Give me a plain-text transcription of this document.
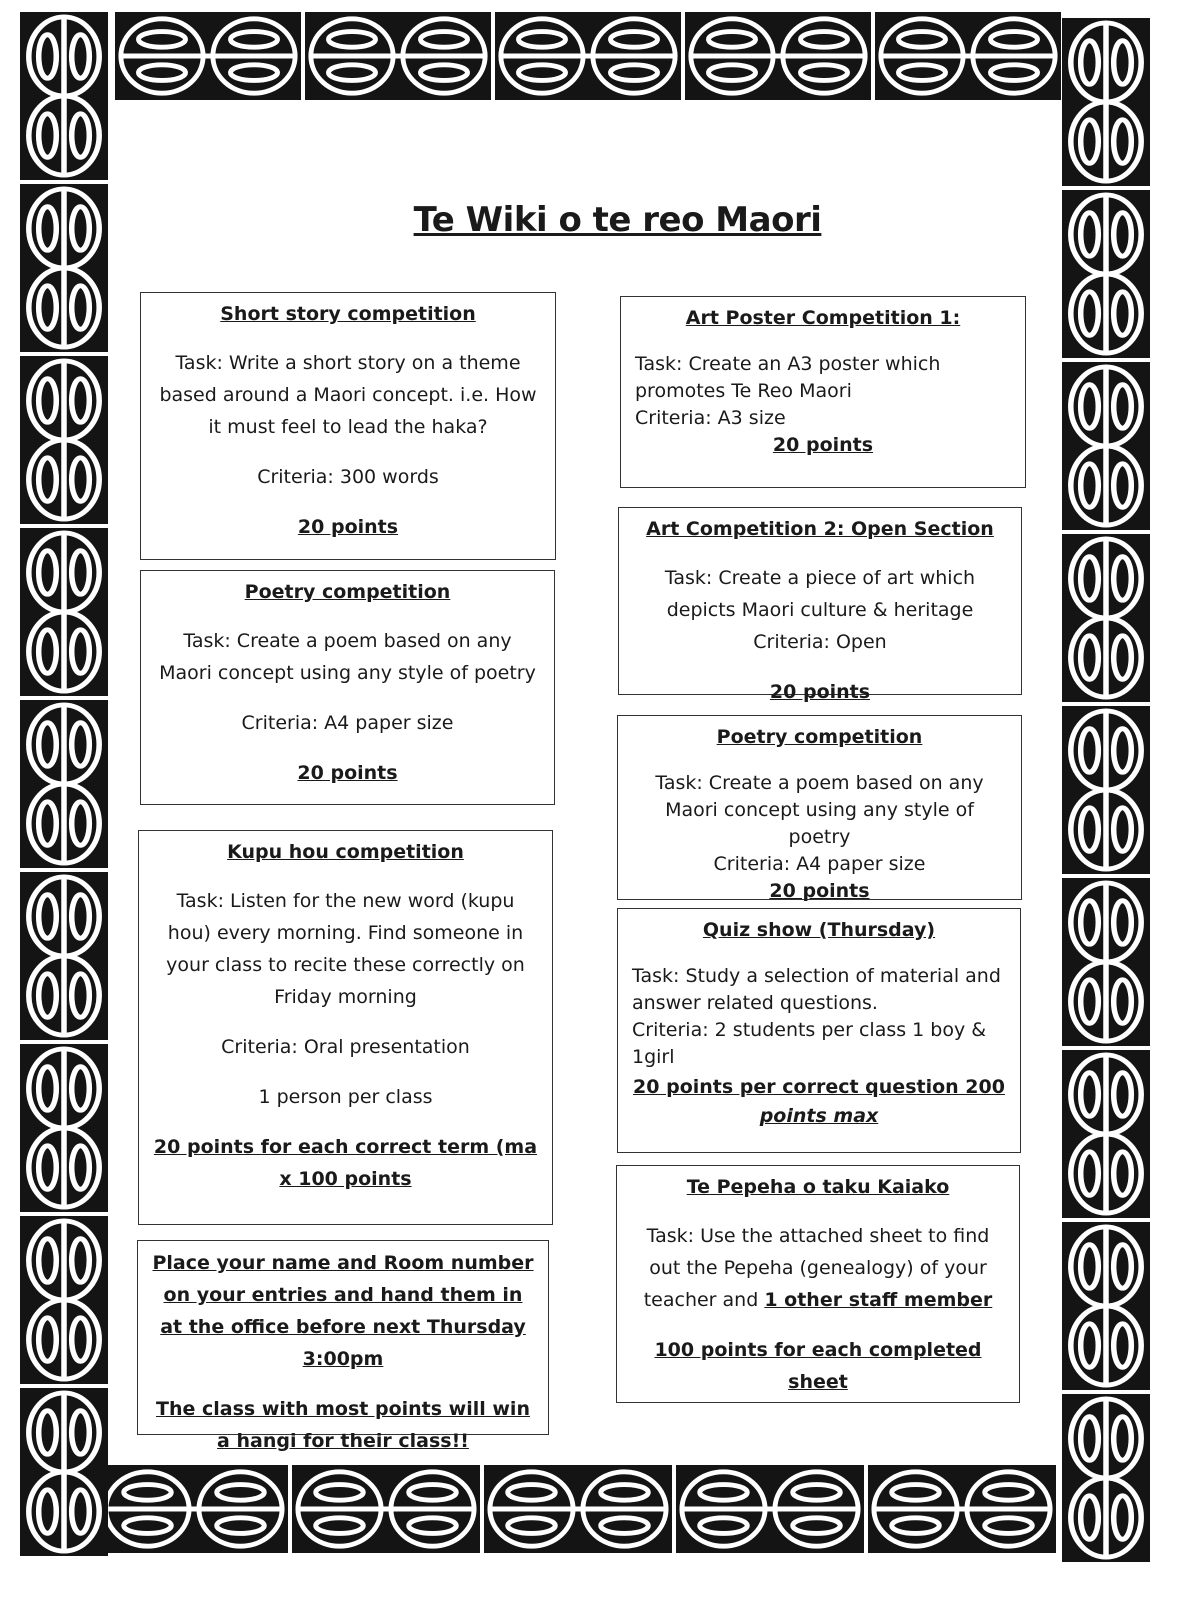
Te Wiki o te reo Maori
Short story competition

Task: Write a short story on a theme based around a Maori concept. i.e. How it must feel to lead the haka?

Criteria: 300 words

20 points
Poetry competition

Task: Create a poem based on any Maori concept using any style of poetry

Criteria: A4 paper size

20 points
Kupu hou competition

Task: Listen for the new word (kupu hou) every morning. Find someone in your class to recite these correctly on Friday morning

Criteria: Oral presentation

1 person per class

20 points for each correct term (ma x 100 points

Place your name and Room number on your entries and hand them in at the office before next Thursday 3:00pm

The class with most points will win a hangi for their class!!
Art Poster Competition 1:
Task: Create an A3 poster which promotes Te Reo Maori
Criteria: A3 size
20 points
Art Competition 2: Open Section

Task: Create a piece of art which depicts Maori culture & heritage Criteria: Open

20 points
Poetry competition
Task: Create a poem based on any Maori concept using any style of poetry
Criteria: A4 paper size
20 points
Quiz show (Thursday)
Task: Study a selection of material and answer related questions.
Criteria: 2 students per class 1 boy & 1girl
20 points per correct question 200
points max
Te Pepeha o taku Kaiako

Task: Use the attached sheet to find out the Pepeha (genealogy) of your teacher and 1 other staff member

100 points for each completed sheet
